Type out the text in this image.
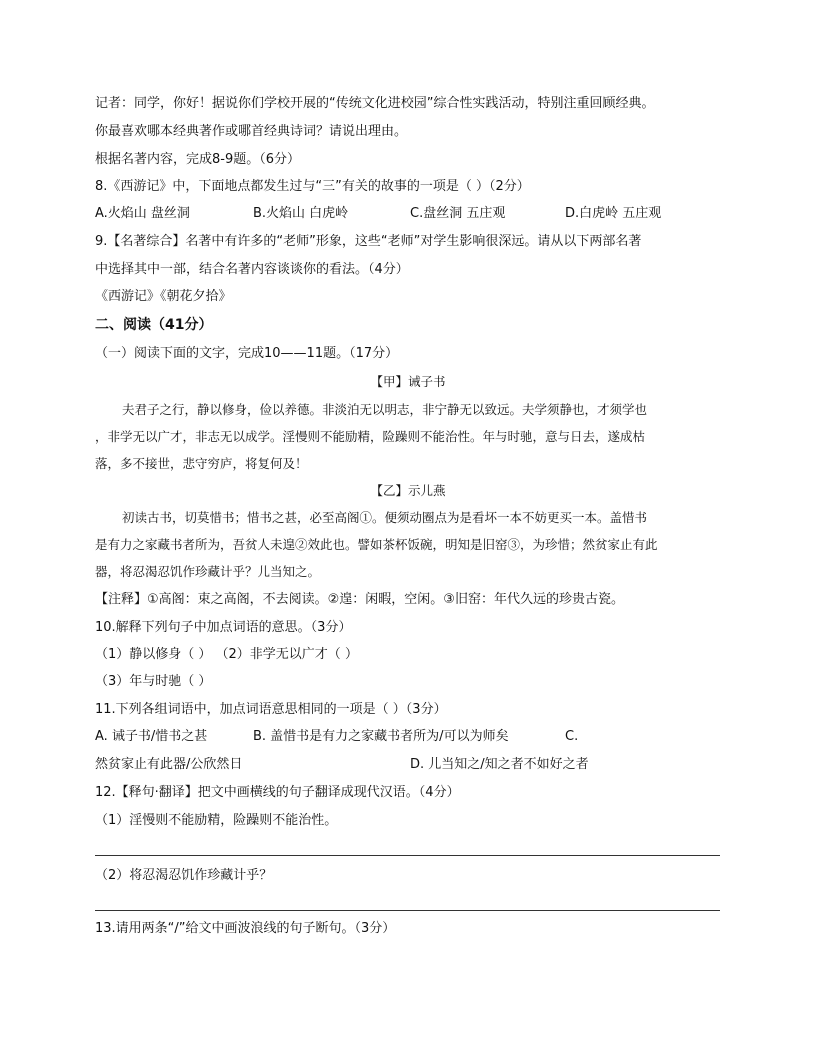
记者：同学，你好！据说你们学校开展的“传统文化进校园”综合性实践活动，特别注重回顾经典。
你最喜欢哪本经典著作或哪首经典诗词？请说出理由。
根据名著内容，完成8-9题。（6分）
8.《西游记》中，下面地点都发生过与“三”有关的故事的一项是（ ）（2分）
A.火焰山 盘丝洞	B.火焰山 白虎岭	C.盘丝洞 五庄观	D.白虎岭 五庄观
9.【名著综合】名著中有许多的“老师”形象，这些“老师”对学生影响很深远。请从以下两部名著
中选择其中一部，结合名著内容谈谈你的看法。（4分）
《西游记》《朝花夕拾》
二、阅读（41分）
（一）阅读下面的文字，完成10——11题。（17分）
【甲】诫子书
夫君子之行，静以修身，俭以养德。非淡泊无以明志，非宁静无以致远。夫学须静也，才须学也
，非学无以广才，非志无以成学。淫慢则不能励精，险躁则不能治性。年与时驰，意与日去，遂成枯
落，多不接世，悲守穷庐，将复何及！
【乙】示儿燕
初读古书，切莫惜书；惜书之甚，必至高阁①。便须动圈点为是看坏一本不妨更买一本。盖惜书
是有力之家藏书者所为，吾贫人未遑②效此也。譬如茶杯饭碗，明知是旧窑③，为珍惜；然贫家止有此
器，将忍渴忍饥作珍藏计乎？儿当知之。
【注释】①高阁：束之高阁，不去阅读。②遑：闲暇，空闲。③旧窑：年代久远的珍贵古瓷。
10.解释下列句子中加点词语的意思。（3分）
（1）静以修身（ ） （2）非学无以广才（ ）
（3）年与时驰（ ）
11.下列各组词语中，加点词语意思相同的一项是（ ）（3分）
A. 诫子书/惜书之甚	B. 盖惜书是有力之家藏书者所为/可以为师矣	C.
然贫家止有此器/公欣然日	D. 儿当知之/知之者不如好之者
12.【释句·翻译】把文中画横线的句子翻译成现代汉语。（4分）
（1）淫慢则不能励精，险躁则不能治性。
（2）将忍渴忍饥作珍藏计乎？
13.请用两条“/”给文中画波浪线的句子断句。（3分）
